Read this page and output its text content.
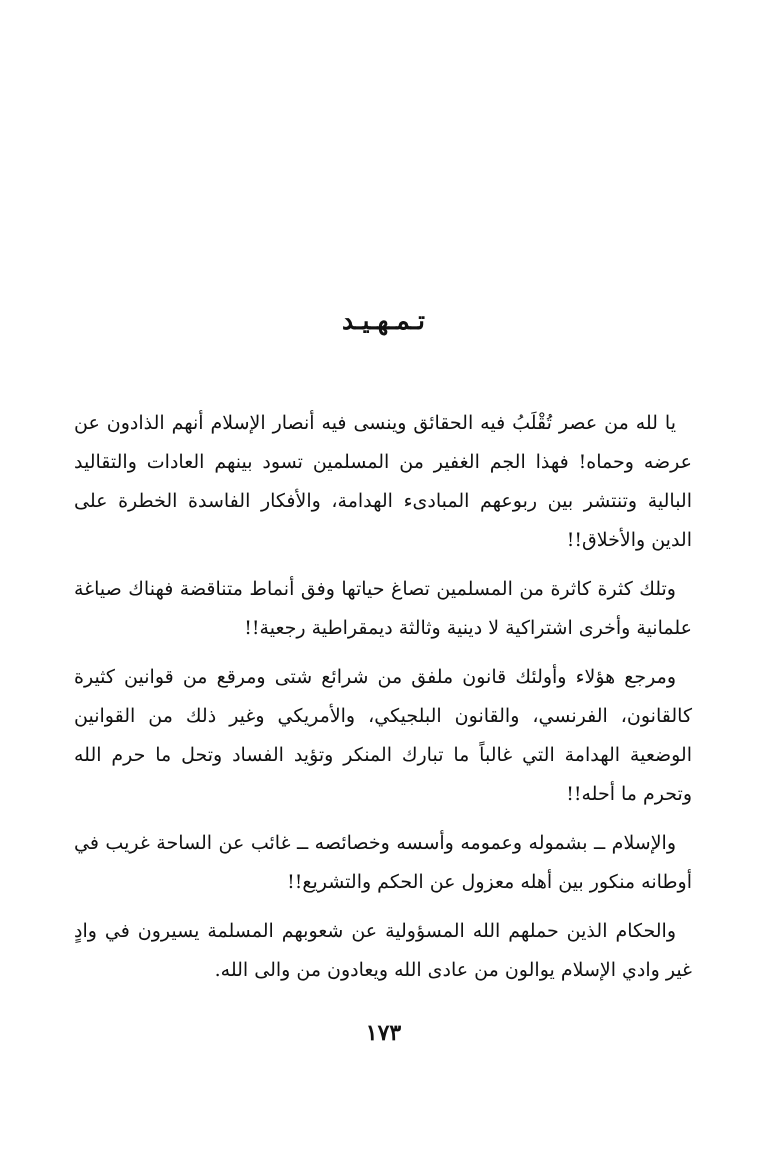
تـمـهـيـد

يا لله من عصر تُقْلَبُ فيه الحقائق وينسى فيه أنصار الإسلام أنهم الذادون عن عرضه وحماه! فهذا الجم الغفير من المسلمين تسود بينهم العادات والتقاليد البالية وتنتشر بين ربوعهم المبادىء الهدامة، والأفكار الفاسدة الخطرة على الدين والأخلاق!!

وتلك كثرة كاثرة من المسلمين تصاغ حياتها وفق أنماط متناقضة فهناك صياغة علمانية وأخرى اشتراكية لا دينية وثالثة ديمقراطية رجعية!!

ومرجع هؤلاء وأولئك قانون ملفق من شرائع شتى ومرقع من قوانين كثيرة كالقانون، الفرنسي، والقانون البلجيكي، والأمريكي وغير ذلك من القوانين الوضعية الهدامة التي غالباً ما تبارك المنكر وتؤيد الفساد وتحل ما حرم الله وتحرم ما أحله!!

والإسلام ــ بشموله وعمومه وأسسه وخصائصه ــ غائب عن الساحة غريب في أوطانه منكور بين أهله معزول عن الحكم والتشريع!!

والحكام الذين حملهم الله المسؤولية عن شعوبهم المسلمة يسيرون في وادٍ غير وادي الإسلام يوالون من عادى الله ويعادون من والى الله.

١٧٣
